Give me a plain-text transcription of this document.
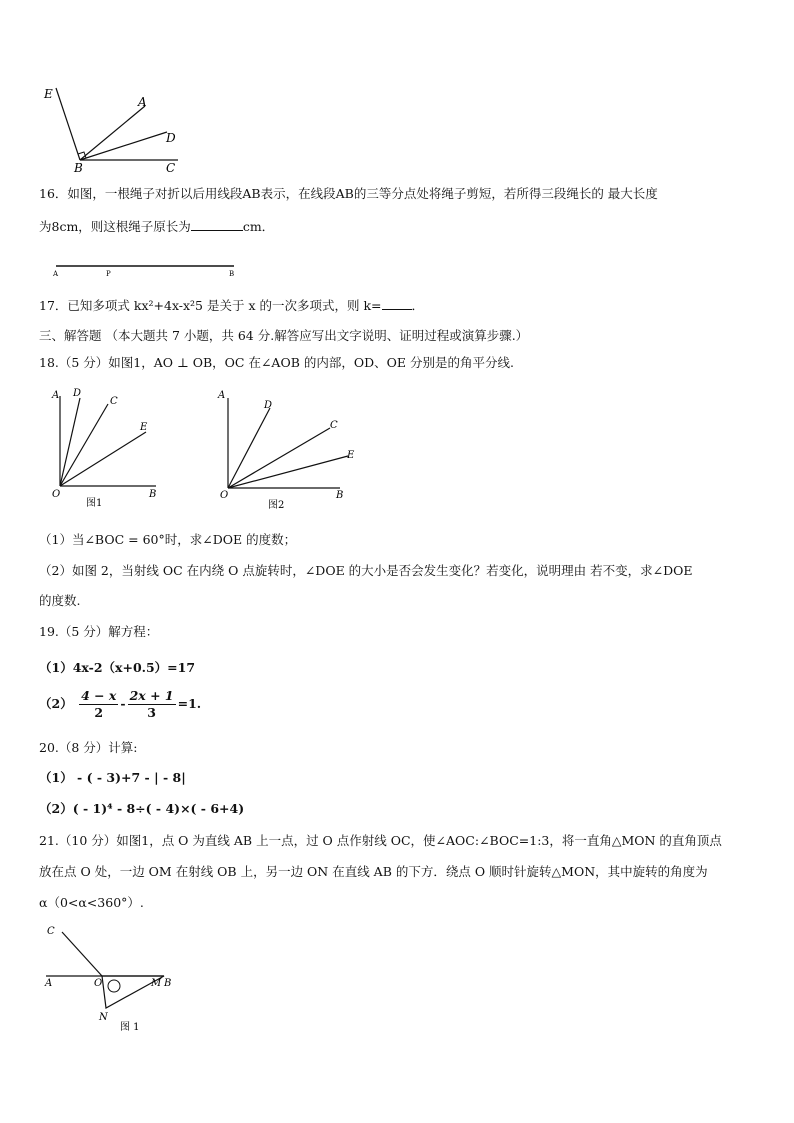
E
A
D
B	C
16．如图，一根绳子对折以后用线段AB表示，在线段AB的三等分点处将绳子剪短，若所得三段绳长的 最大长度
为8cm，则这根绳子原长为	cm．
A	P	B
17．已知多项式 kx²+4x-x²5 是关于 x 的一次多项式，则 k= ．
三、解答题 （本大题共 7 小题，共 64 分.解答应写出文字说明、证明过程或演算步骤.）
18.（5 分）如图1，AO ⊥ OB，OC 在∠AOB 的内部，OD、OE 分别是的角平分线.
A D
C
E
O	B
图1
A
D
C
E
O	B
图2
（1）当∠BOC = 60°时，求∠DOE 的度数；
（2）如图 2，当射线 OC 在内绕 O 点旋转时，∠DOE 的大小是否会发生变化？若变化，说明理由 若不变，求∠DOE
的度数.
19.（5 分）解方程：
（1）4x-2（x+0.5）=17
$(2) \frac{4 - x}{2} - \frac{2x + 1}{3} =1$.
20.（8 分）计算:
（1） - ( - 3)+7 - | - 8|
（2）( - 1)⁴ - 8÷( - 4)×( - 6+4)
21.（10 分）如图1，点 O 为直线 AB 上一点，过 O 点作射线 OC，使∠AOC:∠BOC=1:3，将一直角△MON 的直角顶点
放在点 O 处，一边 OM 在射线 OB 上，另一边 ON 在直线 AB 的下方．绕点 O 顺时针旋转△MON，其中旋转的角度为
α（0<α<360°）.
C
A	O	M B
N
图 1
